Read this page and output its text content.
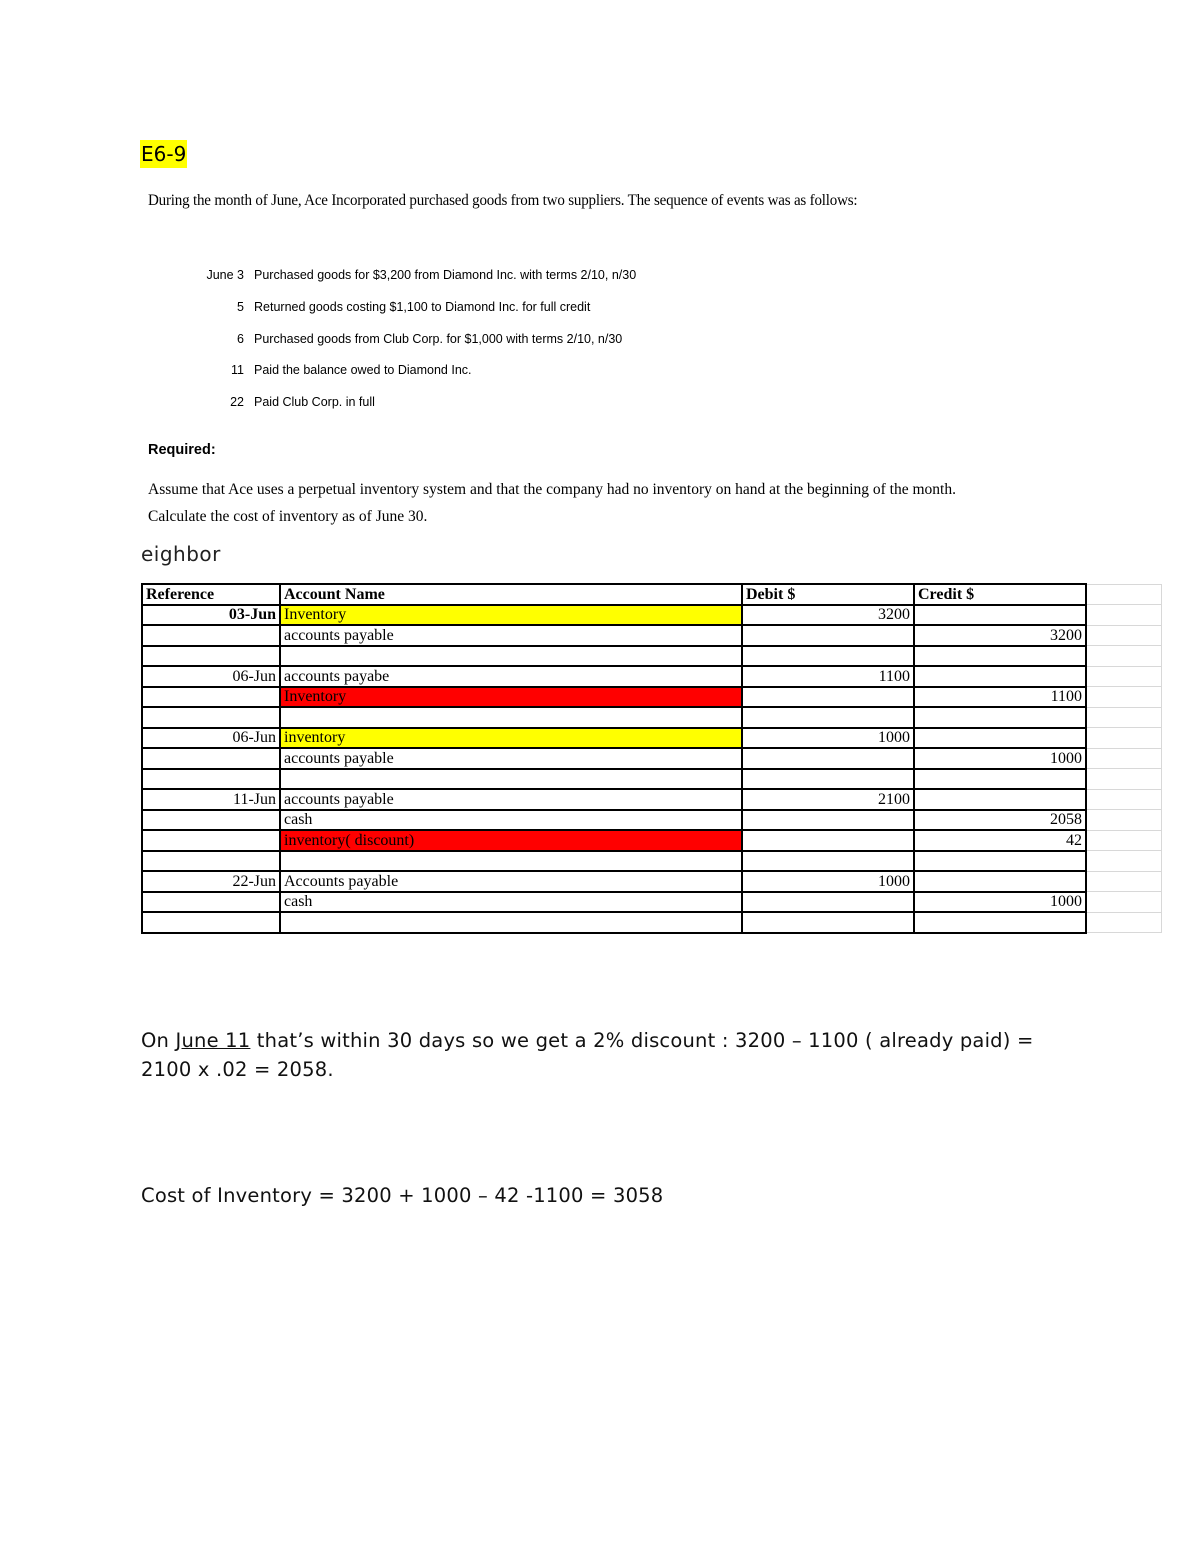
E6-9
During the month of June, Ace Incorporated purchased goods from two suppliers. The sequence of events was as follows:
June 3 Purchased goods for $3,200 from Diamond Inc. with terms 2/10, n/30
5 Returned goods costing $1,100 to Diamond Inc. for full credit
6 Purchased goods from Club Corp. for $1,000 with terms 2/10, n/30
11 Paid the balance owed to Diamond Inc.
22 Paid Club Corp. in full
Required:
Assume that Ace uses a perpetual inventory system and that the company had no inventory on hand at the beginning of the month. Calculate the cost of inventory as of June 30.
eighbor
Reference	Account Name	Debit $	Credit $	
03-Jun	Inventory	3200		
	accounts payable		3200	

06-Jun	accounts payabe	1100		
	Inventory		1100	

06-Jun	inventory	1000		
	accounts payable		1000	

11-Jun	accounts payable	2100		
	cash		2058	
	inventory( discount)		42	

22-Jun	Accounts payable	1000		
	cash		1000	

On June 11 that’s within 30 days so we get a 2% discount : 3200 – 1100 ( already paid) = 2100 x .02 = 2058.
Cost of Inventory = 3200 + 1000 – 42 -1100 = 3058
